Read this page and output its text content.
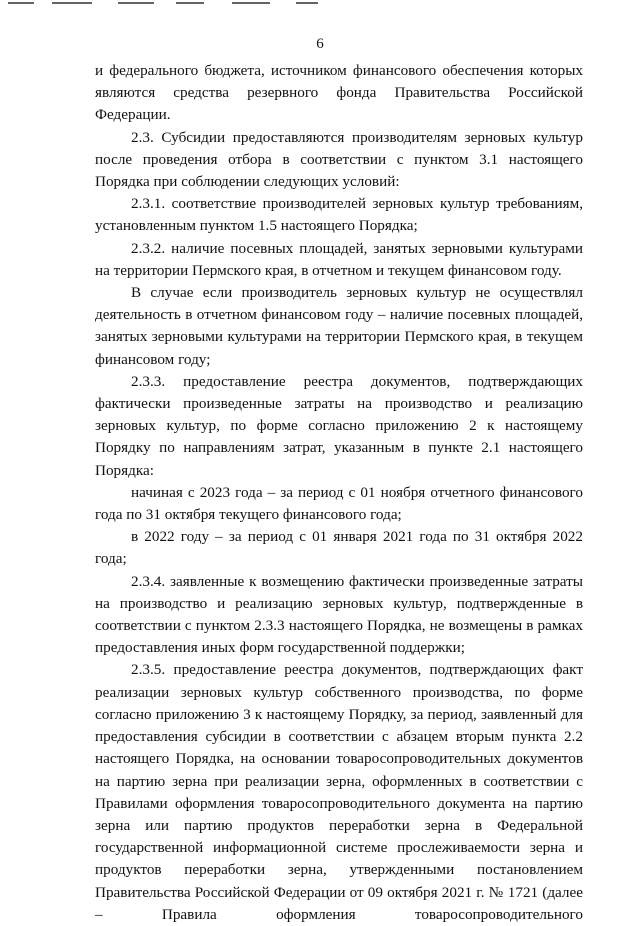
6

и федерального бюджета, источником финансового обеспечения которых являются средства резервного фонда Правительства Российской Федерации.

2.3. Субсидии предоставляются производителям зерновых культур после проведения отбора в соответствии с пунктом 3.1 настоящего Порядка при соблюдении следующих условий:

2.3.1. соответствие производителей зерновых культур требованиям, установленным пунктом 1.5 настоящего Порядка;

2.3.2. наличие посевных площадей, занятых зерновыми культурами на территории Пермского края, в отчетном и текущем финансовом году.

В случае если производитель зерновых культур не осуществлял деятельность в отчетном финансовом году – наличие посевных площадей, занятых зерновыми культурами на территории Пермского края, в текущем финансовом году;

2.3.3. предоставление реестра документов, подтверждающих фактически произведенные затраты на производство и реализацию зерновых культур, по форме согласно приложению 2 к настоящему Порядку по направлениям затрат, указанным в пункте 2.1 настоящего Порядка:

начиная с 2023 года – за период с 01 ноября отчетного финансового года по 31 октября текущего финансового года;

в 2022 году – за период с 01 января 2021 года по 31 октября 2022 года;

2.3.4. заявленные к возмещению фактически произведенные затраты на производство и реализацию зерновых культур, подтвержденные в соответствии с пунктом 2.3.3 настоящего Порядка, не возмещены в рамках предоставления иных форм государственной поддержки;

2.3.5. предоставление реестра документов, подтверждающих факт реализации зерновых культур собственного производства, по форме согласно приложению 3 к настоящему Порядку, за период, заявленный для предоставления субсидии в соответствии с абзацем вторым пункта 2.2 настоящего Порядка, на основании товаросопроводительных документов на партию зерна при реализации зерна, оформленных в соответствии с Правилами оформления товаросопроводительного документа на партию зерна или партию продуктов переработки зерна в Федеральной государственной информационной системе прослеживаемости зерна и продуктов переработки зерна, утвержденными постановлением Правительства Российской Федерации от 09 октября 2021 г. № 1721 (далее – Правила оформления товаросопроводительного
